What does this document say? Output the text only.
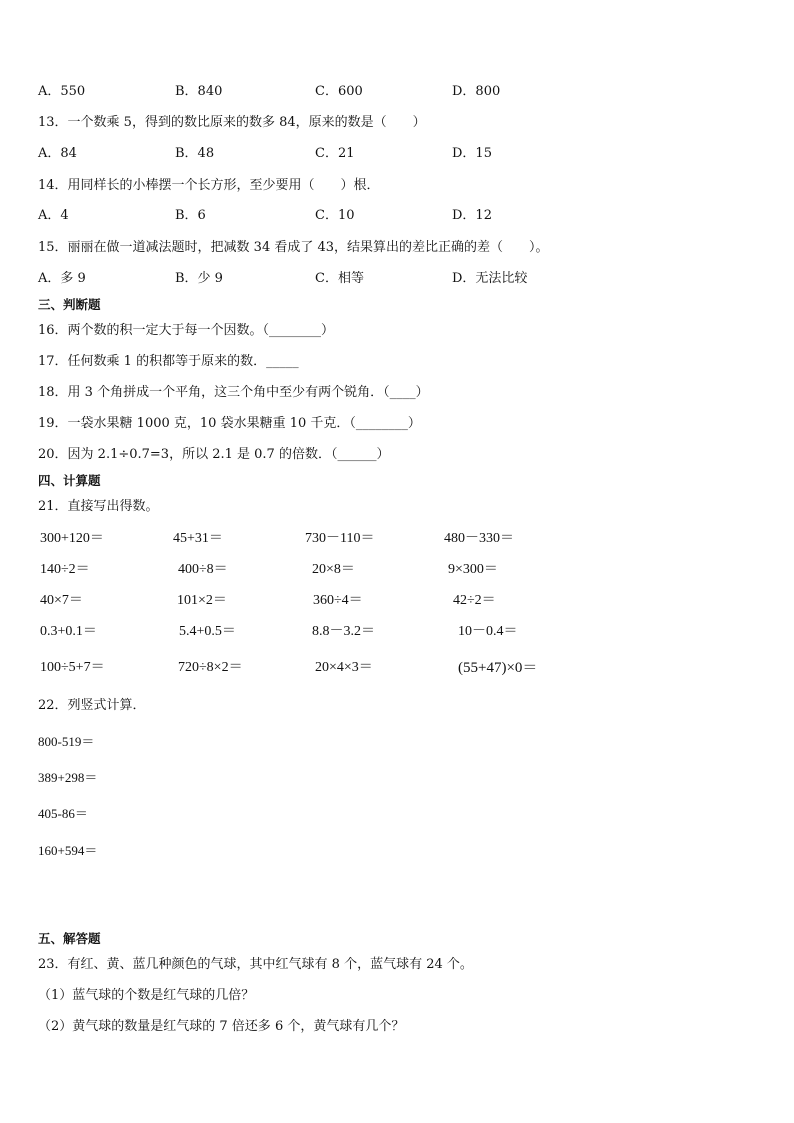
A．550	B．840	C．600	D．800
13．一个数乘 5，得到的数比原来的数多 84，原来的数是（　　）
A．84	B．48	C．21	D．15
14．用同样长的小棒摆一个长方形，至少要用（　　）根．
A．4	B．6	C．10	D．12
15．丽丽在做一道减法题时，把减数 34 看成了 43，结果算出的差比正确的差（　　）。
A．多 9	B．少 9	C．相等	D．无法比较
三、判断题
16．两个数的积一定大于每一个因数。（________）
17．任何数乘 1 的积都等于原来的数．_____
18．用 3 个角拼成一个平角，这三个角中至少有两个锐角．（____）
19．一袋水果糖 1000 克，10 袋水果糖重 10 千克．（________）
20．因为 2.1÷0.7=3，所以 2.1 是 0.7 的倍数．（______）
四、计算题
21．直接写出得数。
300+120＝	45+31＝	730－110＝	480－330＝
140÷2＝	400÷8＝	20×8＝	9×300＝
40×7＝	101×2＝	360÷4＝	42÷2＝
0.3+0.1＝	5.4+0.5＝	8.8－3.2＝	10－0.4＝
100÷5+7＝	720÷8×2＝	20×4×3＝	(55+47)×0＝
22．列竖式计算．
800-519＝
389+298＝
405-86＝
160+594＝
五、解答题
23．有红、黄、蓝几种颜色的气球，其中红气球有 8 个，蓝气球有 24 个。
（1）蓝气球的个数是红气球的几倍？
（2）黄气球的数量是红气球的 7 倍还多 6 个，黄气球有几个？
